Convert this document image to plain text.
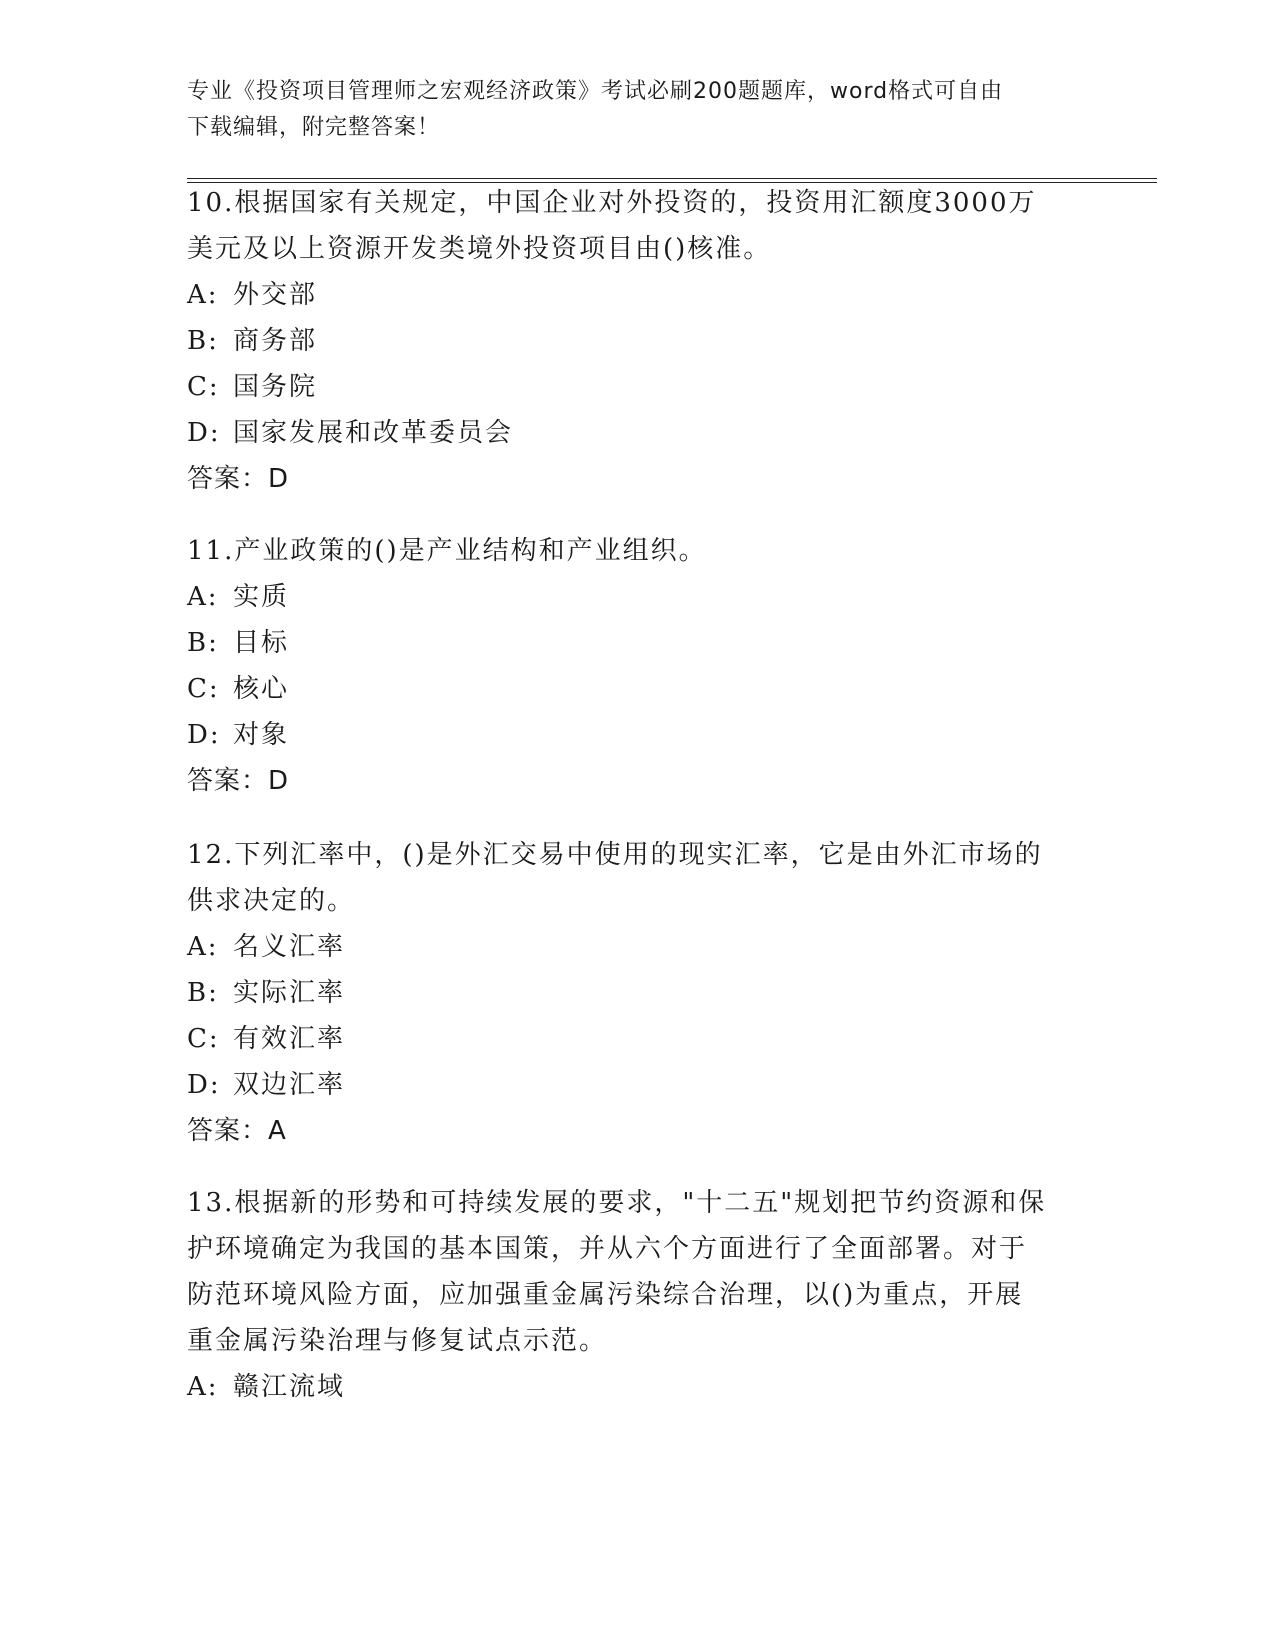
专业《投资项目管理师之宏观经济政策》考试必刷200题题库，word格式可自由
下载编辑，附完整答案！
10.根据国家有关规定，中国企业对外投资的，投资用汇额度3000万
美元及以上资源开发类境外投资项目由()核准。
A: 外交部
B: 商务部
C: 国务院
D: 国家发展和改革委员会
答案：D
11.产业政策的()是产业结构和产业组织。
A: 实质
B: 目标
C: 核心
D: 对象
答案：D
12.下列汇率中，()是外汇交易中使用的现实汇率，它是由外汇市场的
供求决定的。
A: 名义汇率
B: 实际汇率
C: 有效汇率
D: 双边汇率
答案：A
13.根据新的形势和可持续发展的要求，"十二五"规划把节约资源和保
护环境确定为我国的基本国策，并从六个方面进行了全面部署。对于
防范环境风险方面，应加强重金属污染综合治理，以()为重点，开展
重金属污染治理与修复试点示范。
A: 赣江流域
